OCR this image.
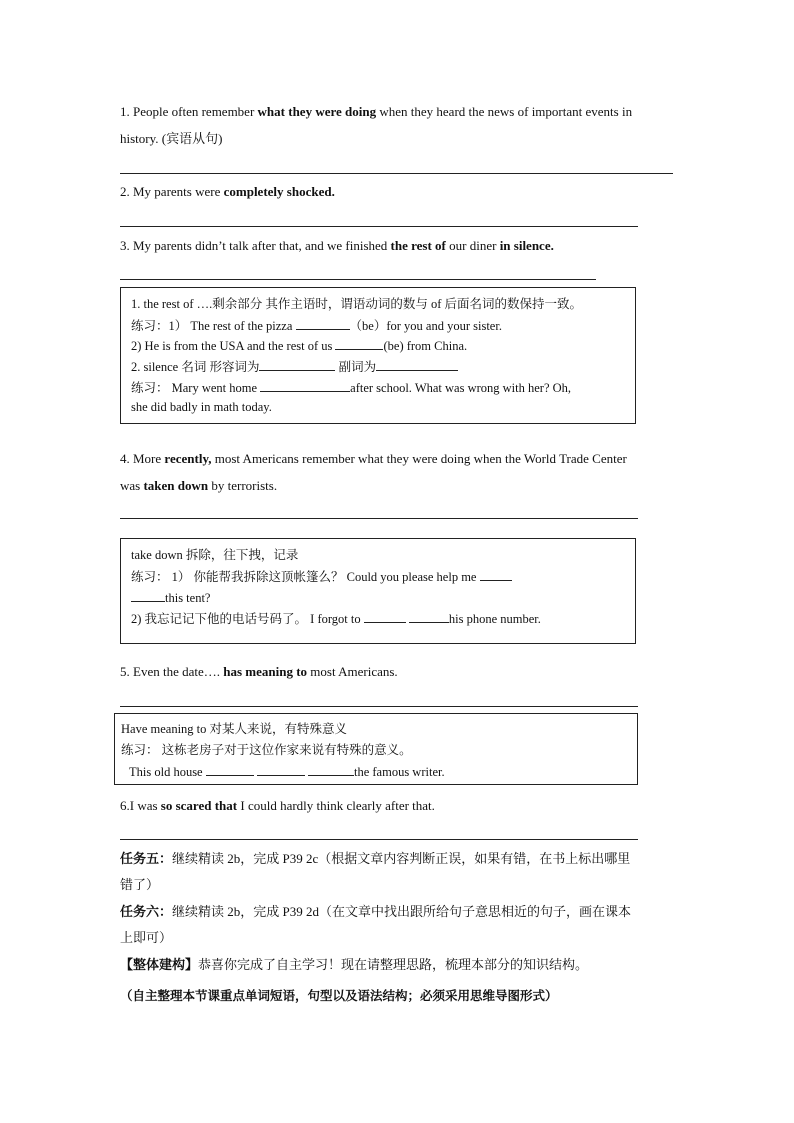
1. People often remember what they were doing when they heard the news of important events in
history. (宾语从句)
2. My parents were completely shocked.
3. My parents didn’t talk after that, and we finished the rest of our diner in silence.
1. the rest of ….剩余部分 其作主语时，谓语动词的数与 of 后面名词的数保持一致。
练习：1） The rest of the pizza	（be）for you and your sister.
2) He is from the USA and the rest of us	(be) from China.
2. silence 名词 形容词为	副词为
练习： Mary went home	after school. What was wrong with her? Oh,
she did badly in math today.
4. More recently, most Americans remember what they were doing when the World Trade Center
was taken down by terrorists.
take down 拆除，往下拽，记录
练习： 1） 你能帮我拆除这顶帐篷么？ Could you please help me
this tent?
2) 我忘记记下他的电话号码了。 I forgot to	his phone number.
5. Even the date…. has meaning to most Americans.
Have meaning to 对某人来说，有特殊意义
练习： 这栋老房子对于这位作家来说有特殊的意义。
This old house	the famous writer.
6.I was so scared that I could hardly think clearly after that.
任务五：继续精读 2b，完成 P39 2c（根据文章内容判断正误，如果有错，在书上标出哪里
错了）
任务六：继续精读 2b，完成 P39 2d（在文章中找出跟所给句子意思相近的句子，画在课本
上即可）
【整体建构】恭喜你完成了自主学习！现在请整理思路，梳理本部分的知识结构。
（自主整理本节课重点单词短语，句型以及语法结构；必须采用思维导图形式）
